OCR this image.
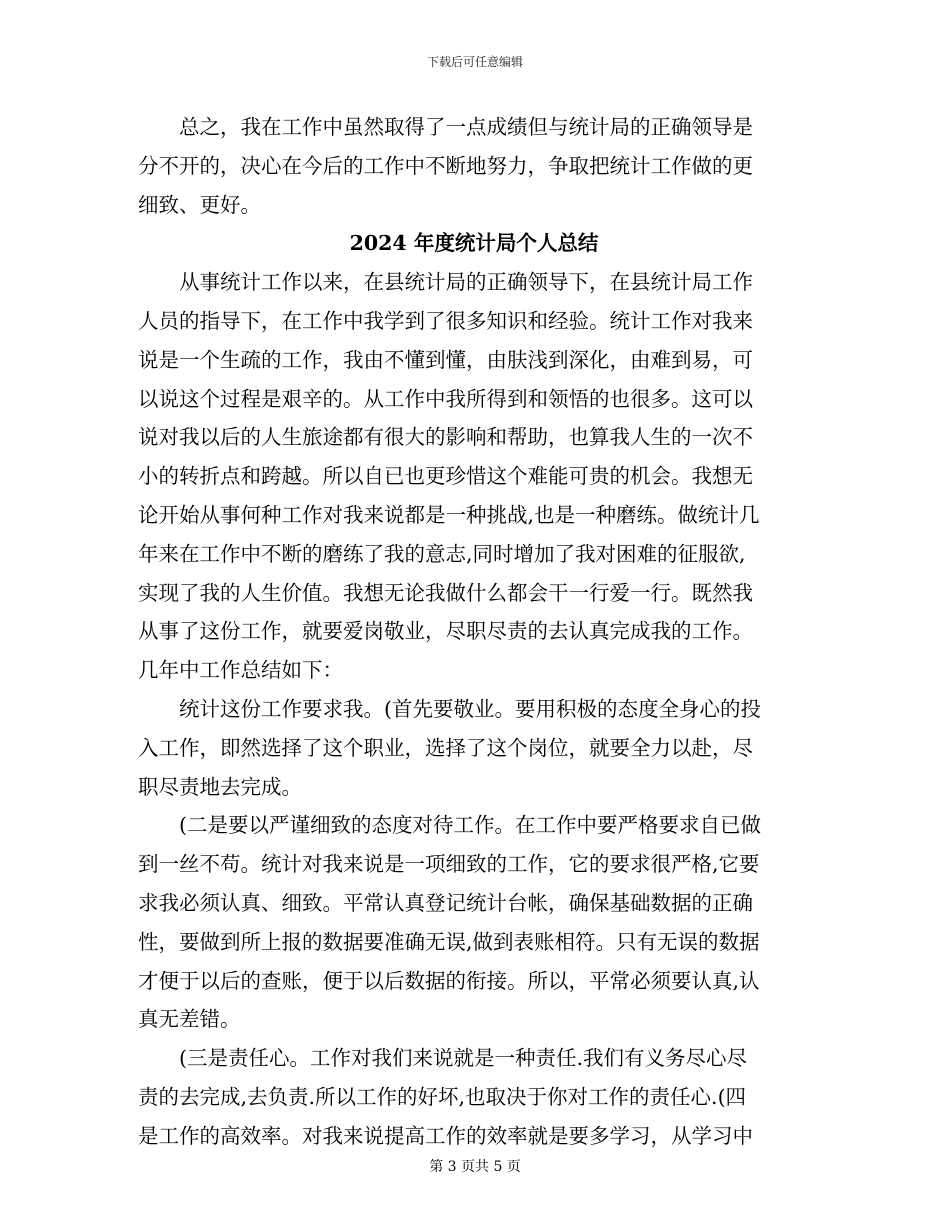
下载后可任意编辑

　　总之，我在工作中虽然取得了一点成绩但与统计局的正确领导是
分不开的，决心在今后的工作中不断地努力，争取把统计工作做的更
细致、更好。

2024 年度统计局个人总结

　　从事统计工作以来，在县统计局的正确领导下，在县统计局工作
人员的指导下，在工作中我学到了很多知识和经验。统计工作对我来
说是一个生疏的工作，我由不懂到懂，由肤浅到深化，由难到易，可
以说这个过程是艰辛的。从工作中我所得到和领悟的也很多。这可以
说对我以后的人生旅途都有很大的影响和帮助，也算我人生的一次不
小的转折点和跨越。所以自已也更珍惜这个难能可贵的机会。我想无
论开始从事何种工作对我来说都是一种挑战,也是一种磨练。做统计几
年来在工作中不断的磨练了我的意志,同时增加了我对困难的征服欲,
实现了我的人生价值。我想无论我做什么都会干一行爱一行。既然我
从事了这份工作，就要爱岗敬业，尽职尽责的去认真完成我的工作。
几年中工作总结如下：

　　统计这份工作要求我。(首先要敬业。要用积极的态度全身心的投
入工作，即然选择了这个职业，选择了这个岗位，就要全力以赴，尽
职尽责地去完成。

　　(二是要以严谨细致的态度对待工作。在工作中要严格要求自已做
到一丝不苟。统计对我来说是一项细致的工作，它的要求很严格,它要
求我必须认真、细致。平常认真登记统计台帐，确保基础数据的正确
性，要做到所上报的数据要准确无误,做到表账相符。只有无误的数据
才便于以后的查账，便于以后数据的衔接。所以，平常必须要认真,认
真无差错。

　　(三是责任心。工作对我们来说就是一种责任.我们有义务尽心尽
责的去完成,去负责.所以工作的好坏,也取决于你对工作的责任心.(四
是工作的高效率。对我来说提高工作的效率就是要多学习，从学习中

第 3 页共 5 页
